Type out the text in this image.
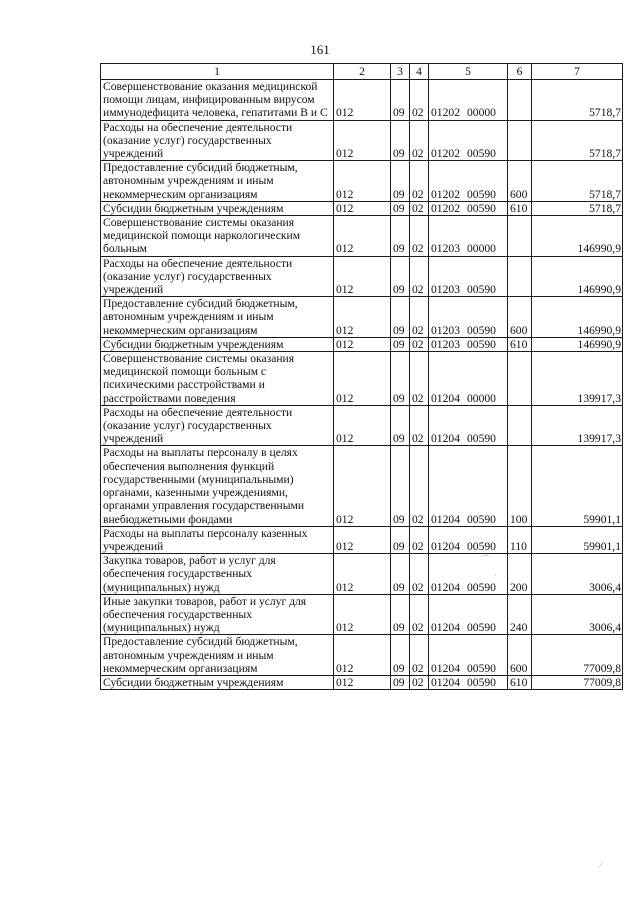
161
1	2	3	4	5	6	7
Совершенствование оказания медицинской помощи лицам, инфицированным вирусом иммунодефицита человека, гепатитами В и С	012	09	02	01202 00000		5718,7
Расходы на обеспечение деятельности (оказание услуг) государственных учреждений	012	09	02	01202 00590		5718,7
Предоставление субсидий бюджетным, автономным учреждениям и иным некоммерческим организациям	012	09	02	01202 00590	600	5718,7
Субсидии бюджетным учреждениям	012	09	02	01202 00590	610	5718,7
Совершенствование системы оказания медицинской помощи наркологическим больным	012	09	02	01203 00000		146990,9
Расходы на обеспечение деятельности (оказание услуг) государственных учреждений	012	09	02	01203 00590		146990,9
Предоставление субсидий бюджетным, автономным учреждениям и иным некоммерческим организациям	012	09	02	01203 00590	600	146990,9
Субсидии бюджетным учреждениям	012	09	02	01203 00590	610	146990,9
Совершенствование системы оказания медицинской помощи больным с психическими расстройствами и расстройствами поведения	012	09	02	01204 00000		139917,3
Расходы на обеспечение деятельности (оказание услуг) государственных учреждений	012	09	02	01204 00590		139917,3
Расходы на выплаты персоналу в целях обеспечения выполнения функций государственными (муниципальными) органами, казенными учреждениями, органами управления государственными внебюджетными фондами	012	09	02	01204 00590	100	59901,1
Расходы на выплаты персоналу казенных учреждений	012	09	02	01204 00590	110	59901,1
Закупка товаров, работ и услуг для обеспечения государственных (муниципальных) нужд	012	09	02	01204 00590	200	3006,4
Иные закупки товаров, работ и услуг для обеспечения государственных (муниципальных) нужд	012	09	02	01204 00590	240	3006,4
Предоставление субсидий бюджетным, автономным учреждениям и иным некоммерческим организациям	012	09	02	01204 00590	600	77009,8
Субсидии бюджетным учреждениям	012	09	02	01204 00590	610	77009,8
⌒
·
⁄
